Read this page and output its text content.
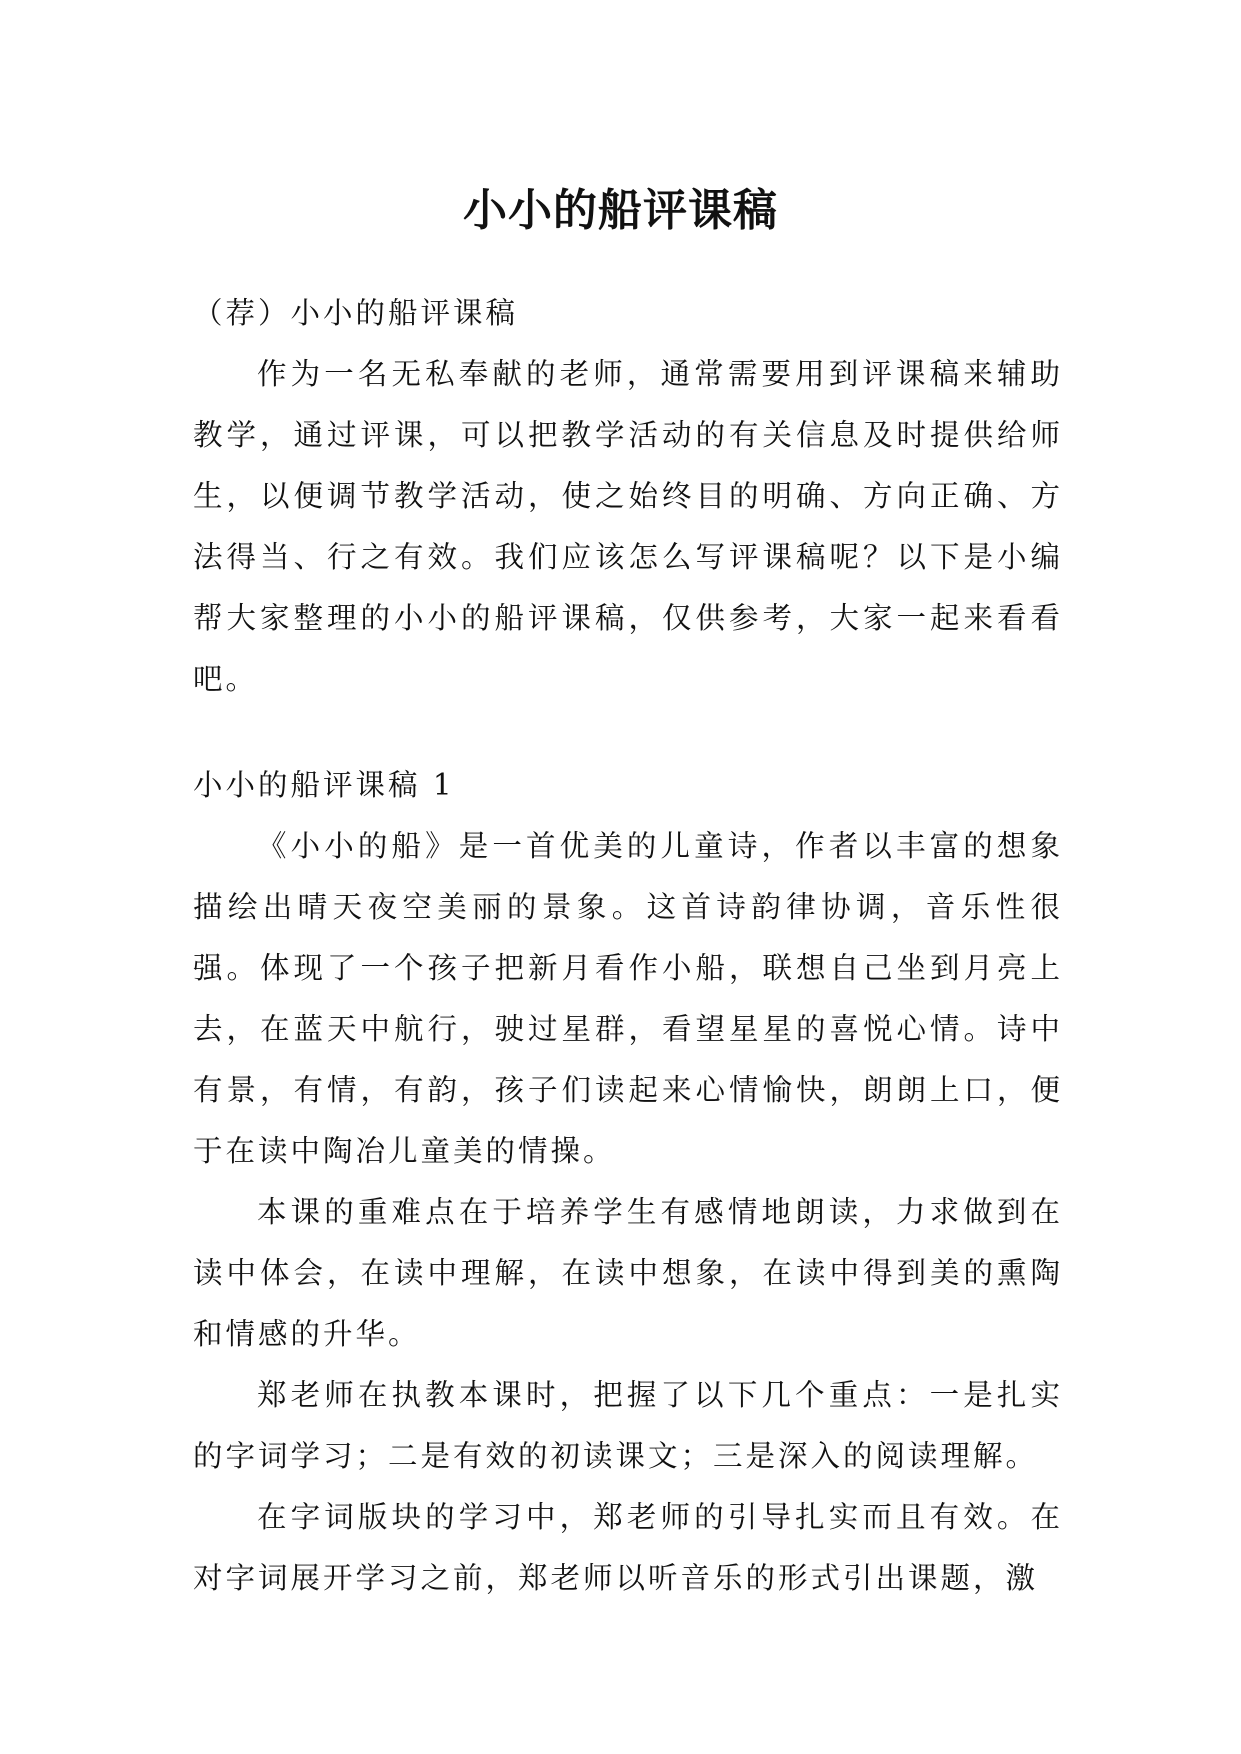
小小的船评课稿

（荐）小小的船评课稿

作为一名无私奉献的老师，通常需要用到评课稿来辅助教学，通过评课，可以把教学活动的有关信息及时提供给师生，以便调节教学活动，使之始终目的明确、方向正确、方法得当、行之有效。我们应该怎么写评课稿呢？以下是小编帮大家整理的小小的船评课稿，仅供参考，大家一起来看看吧。

小小的船评课稿 1

《小小的船》是一首优美的儿童诗，作者以丰富的想象描绘出晴天夜空美丽的景象。这首诗韵律协调，音乐性很强。体现了一个孩子把新月看作小船，联想自己坐到月亮上去，在蓝天中航行，驶过星群，看望星星的喜悦心情。诗中有景，有情，有韵，孩子们读起来心情愉快，朗朗上口，便于在读中陶冶儿童美的情操。

本课的重难点在于培养学生有感情地朗读，力求做到在读中体会，在读中理解，在读中想象，在读中得到美的熏陶和情感的升华。

郑老师在执教本课时，把握了以下几个重点：一是扎实的字词学习；二是有效的初读课文；三是深入的阅读理解。

在字词版块的学习中，郑老师的引导扎实而且有效。在对字词展开学习之前，郑老师以听音乐的形式引出课题，激
